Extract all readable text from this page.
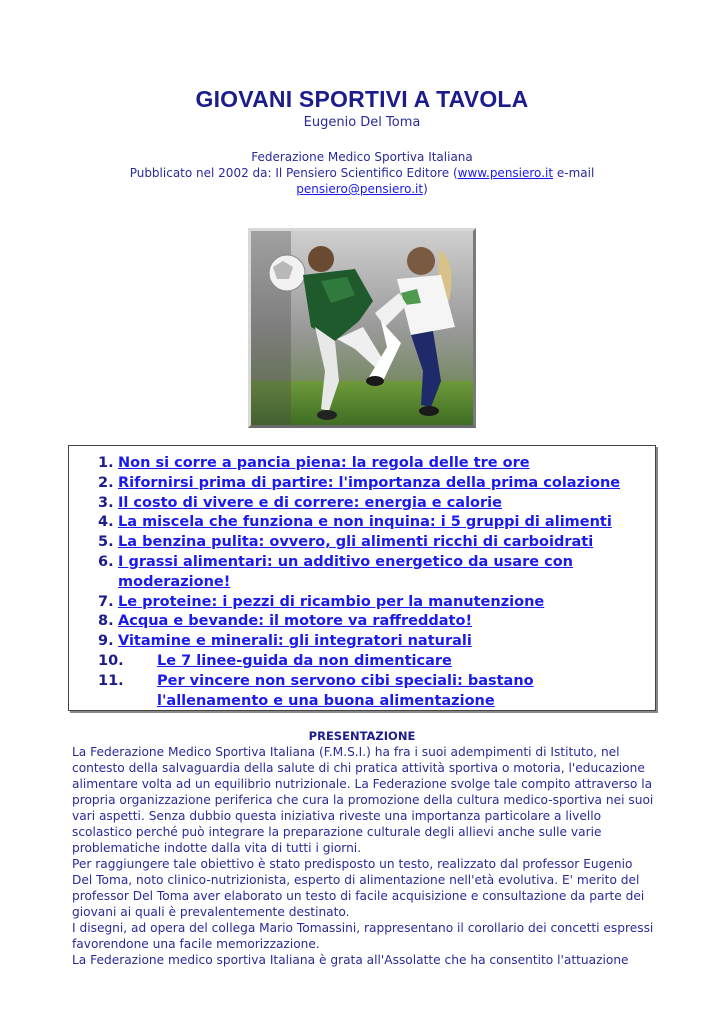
GIOVANI SPORTIVI A TAVOLA
Eugenio Del Toma
Federazione Medico Sportiva Italiana
Pubblicato nel 2002 da: Il Pensiero Scientifico Editore (www.pensiero.it e-mail
pensiero@pensiero.it)
1. Non si corre a pancia piena: la regola delle tre ore
2. Rifornirsi prima di partire: l'importanza della prima colazione
3. Il costo di vivere e di correre: energia e calorie
4. La miscela che funziona e non inquina: i 5 gruppi di alimenti
5. La benzina pulita: ovvero, gli alimenti ricchi di carboidrati
6. I grassi alimentari: un additivo energetico da usare con moderazione!
7. Le proteine: i pezzi di ricambio per la manutenzione
8. Acqua e bevande: il motore va raffreddato!
9. Vitamine e minerali: gli integratori naturali
10. Le 7 linee-guida da non dimenticare
11. Per vincere non servono cibi speciali: bastano l'allenamento e una buona alimentazione
PRESENTAZIONE

La Federazione Medico Sportiva Italiana (F.M.S.I.) ha fra i suoi adempimenti di Istituto, nel contesto della salvaguardia della salute di chi pratica attività sportiva o motoria, l'educazione alimentare volta ad un equilibrio nutrizionale. La Federazione svolge tale compito attraverso la propria organizzazione periferica che cura la promozione della cultura medico-sportiva nei suoi vari aspetti. Senza dubbio questa iniziativa riveste una importanza particolare a livello scolastico perché può integrare la preparazione culturale degli allievi anche sulle varie problematiche indotte dalla vita di tutti i giorni.

Per raggiungere tale obiettivo è stato predisposto un testo, realizzato dal professor Eugenio Del Toma, noto clinico-nutrizionista, esperto di alimentazione nell'età evolutiva. E' merito del professor Del Toma aver elaborato un testo di facile acquisizione e consultazione da parte dei giovani ai quali è prevalentemente destinato.

I disegni, ad opera del collega Mario Tomassini, rappresentano il corollario dei concetti espressi favorendone una facile memorizzazione.

La Federazione medico sportiva Italiana è grata all'Assolatte che ha consentito l'attuazione
